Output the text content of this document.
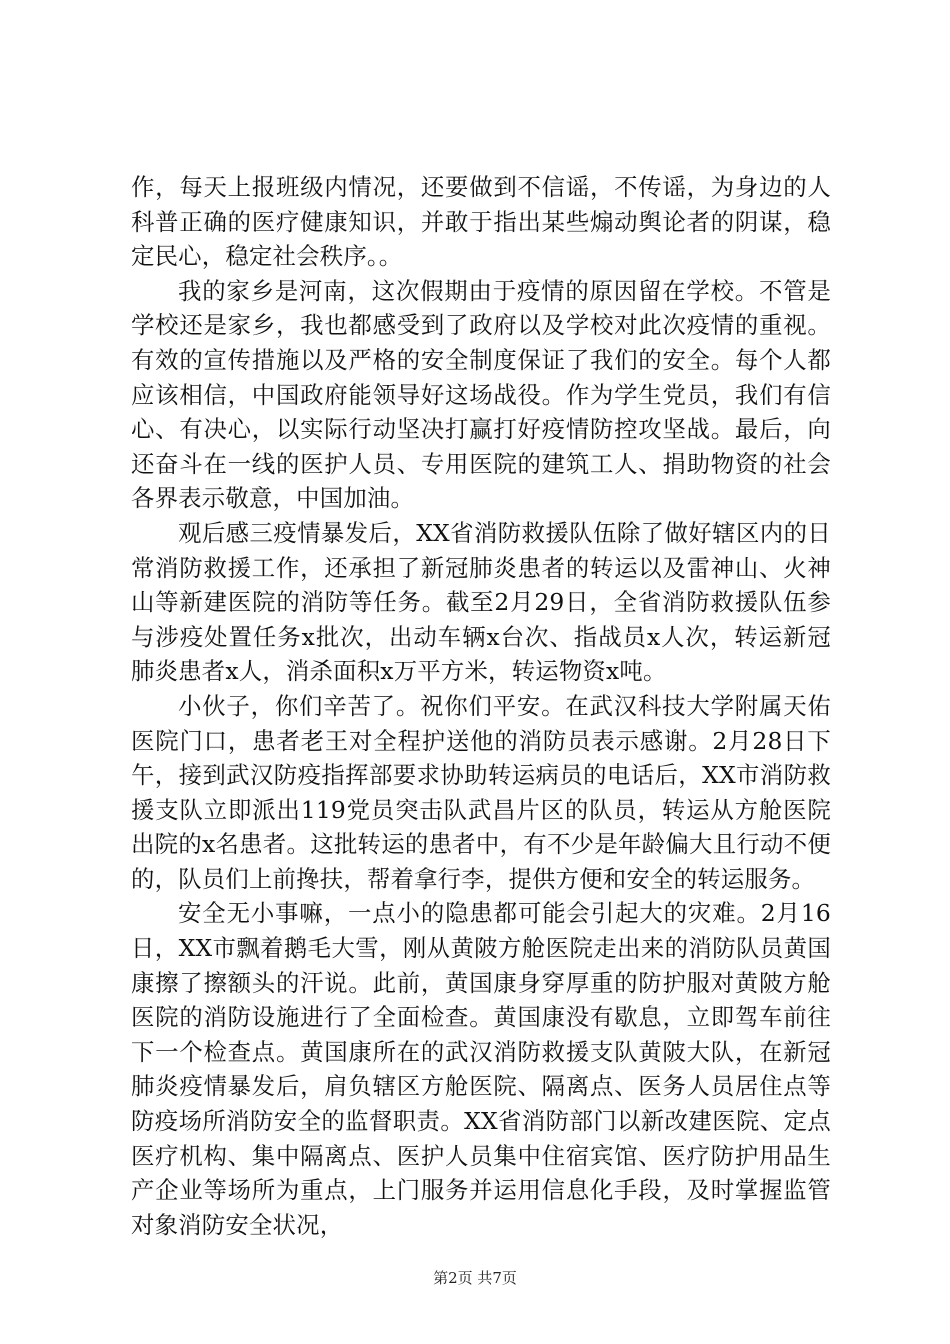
作，每天上报班级内情况，还要做到不信谣，不传谣，为身边的人科普正确的医疗健康知识，并敢于指出某些煽动舆论者的阴谋，稳定民心，稳定社会秩序。。

我的家乡是河南，这次假期由于疫情的原因留在学校。不管是学校还是家乡，我也都感受到了政府以及学校对此次疫情的重视。有效的宣传措施以及严格的安全制度保证了我们的安全。每个人都应该相信，中国政府能领导好这场战役。作为学生党员，我们有信心、有决心，以实际行动坚决打赢打好疫情防控攻坚战。最后，向还奋斗在一线的医护人员、专用医院的建筑工人、捐助物资的社会各界表示敬意，中国加油。

观后感三疫情暴发后，XX省消防救援队伍除了做好辖区内的日常消防救援工作，还承担了新冠肺炎患者的转运以及雷神山、火神山等新建医院的消防等任务。截至2月29日，全省消防救援队伍参与涉疫处置任务x批次，出动车辆x台次、指战员x人次，转运新冠肺炎患者x人，消杀面积x万平方米，转运物资x吨。

小伙子，你们辛苦了。祝你们平安。在武汉科技大学附属天佑医院门口，患者老王对全程护送他的消防员表示感谢。2月28日下午，接到武汉防疫指挥部要求协助转运病员的电话后，XX市消防救援支队立即派出119党员突击队武昌片区的队员，转运从方舱医院出院的x名患者。这批转运的患者中，有不少是年龄偏大且行动不便的，队员们上前搀扶，帮着拿行李，提供方便和安全的转运服务。

安全无小事嘛，一点小的隐患都可能会引起大的灾难。2月16日，XX市飘着鹅毛大雪，刚从黄陂方舱医院走出来的消防队员黄国康擦了擦额头的汗说。此前，黄国康身穿厚重的防护服对黄陂方舱医院的消防设施进行了全面检查。黄国康没有歇息，立即驾车前往下一个检查点。黄国康所在的武汉消防救援支队黄陂大队，在新冠肺炎疫情暴发后，肩负辖区方舱医院、隔离点、医务人员居住点等防疫场所消防安全的监督职责。XX省消防部门以新改建医院、定点医疗机构、集中隔离点、医护人员集中住宿宾馆、医疗防护用品生产企业等场所为重点，上门服务并运用信息化手段，及时掌握监管对象消防安全状况，

第2页 共7页
